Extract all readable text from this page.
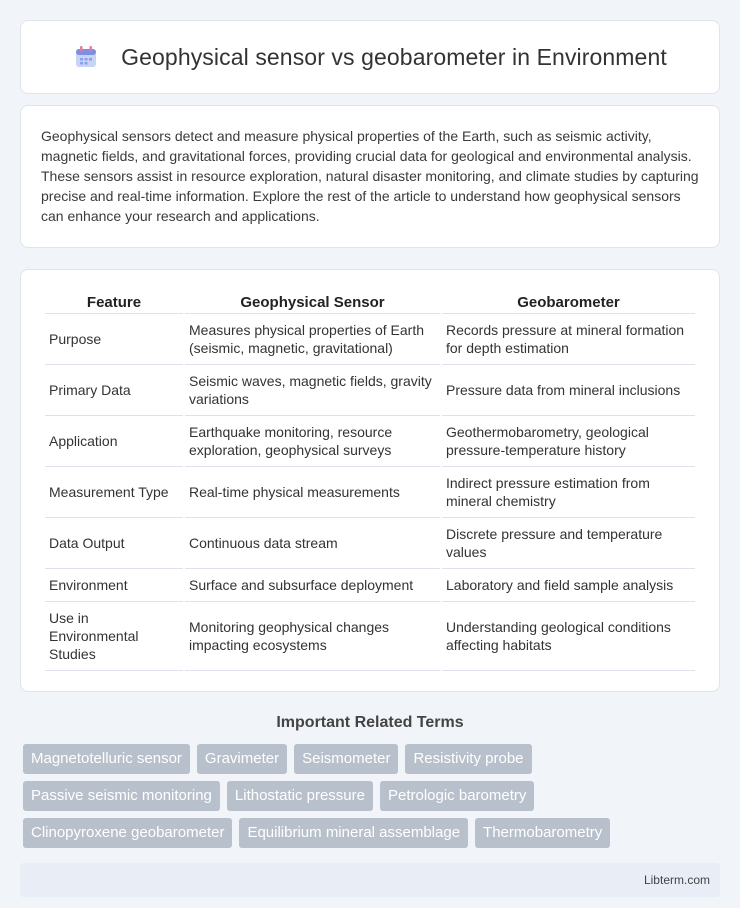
Geophysical sensor vs geobarometer in Environment

Geophysical sensors detect and measure physical properties of the Earth, such as seismic activity, magnetic fields, and gravitational forces, providing crucial data for geological and environmental analysis. These sensors assist in resource exploration, natural disaster monitoring, and climate studies by capturing precise and real-time information. Explore the rest of the article to understand how geophysical sensors can enhance your research and applications.

Feature	Geophysical Sensor	Geobarometer
Purpose	Measures physical properties of Earth (seismic, magnetic, gravitational)	Records pressure at mineral formation for depth estimation
Primary Data	Seismic waves, magnetic fields, gravity variations	Pressure data from mineral inclusions
Application	Earthquake monitoring, resource exploration, geophysical surveys	Geothermobarometry, geological pressure-temperature history
Measurement Type	Real-time physical measurements	Indirect pressure estimation from mineral chemistry
Data Output	Continuous data stream	Discrete pressure and temperature values
Environment	Surface and subsurface deployment	Laboratory and field sample analysis
Use in Environmental Studies	Monitoring geophysical changes impacting ecosystems	Understanding geological conditions affecting habitats
Important Related Terms
Magnetotelluric sensor	Gravimeter	Seismometer	Resistivity probe
Passive seismic monitoring	Lithostatic pressure	Petrologic barometry
Clinopyroxene geobarometer	Equilibrium mineral assemblage	Thermobarometry
Libterm.com
